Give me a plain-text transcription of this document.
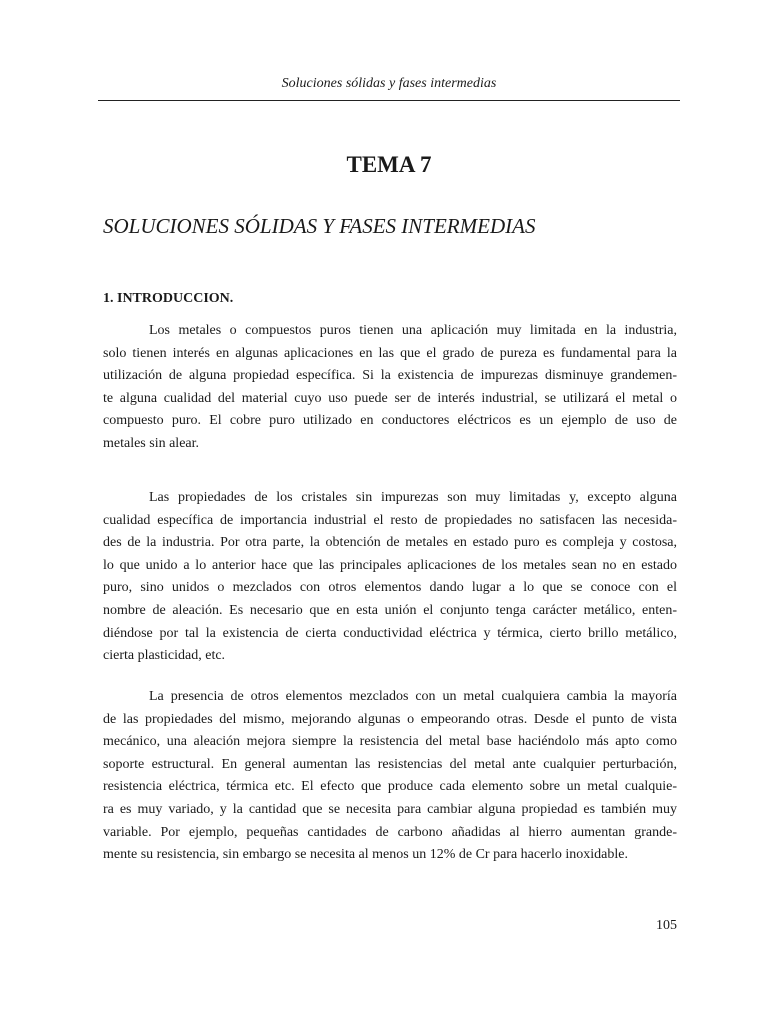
Soluciones sólidas y fases intermedias
TEMA 7
SOLUCIONES SÓLIDAS Y FASES INTERMEDIAS
1. INTRODUCCION.
Los metales o compuestos puros tienen una aplicación muy limitada en la industria,
solo tienen interés en algunas aplicaciones en las que el grado de pureza es fundamental para la
utilización de alguna propiedad específica. Si la existencia de impurezas disminuye grandemen-
te alguna cualidad del material cuyo uso puede ser de interés industrial, se utilizará el metal o
compuesto puro. El cobre puro utilizado en conductores eléctricos es un ejemplo de uso de
metales sin alear.
Las propiedades de los cristales sin impurezas son muy limitadas y, excepto alguna
cualidad específica de importancia industrial el resto de propiedades no satisfacen las necesida-
des de la industria. Por otra parte, la obtención de metales en estado puro es compleja y costosa,
lo que unido a lo anterior hace que las principales aplicaciones de los metales sean no en estado
puro, sino unidos o mezclados con otros elementos dando lugar a lo que se conoce con el
nombre de aleación. Es necesario que en esta unión el conjunto tenga carácter metálico, enten-
diéndose por tal la existencia de cierta conductividad eléctrica y térmica, cierto brillo metálico,
cierta plasticidad, etc.
La presencia de otros elementos mezclados con un metal cualquiera cambia la mayoría
de las propiedades del mismo, mejorando algunas o empeorando otras. Desde el punto de vista
mecánico, una aleación mejora siempre la resistencia del metal base haciéndolo más apto como
soporte estructural. En general aumentan las resistencias del metal ante cualquier perturbación,
resistencia eléctrica, térmica etc. El efecto que produce cada elemento sobre un metal cualquie-
ra es muy variado, y la cantidad que se necesita para cambiar alguna propiedad es también muy
variable. Por ejemplo, pequeñas cantidades de carbono añadidas al hierro aumentan grande-
mente su resistencia, sin embargo se necesita al menos un 12% de Cr para hacerlo inoxidable.
105
